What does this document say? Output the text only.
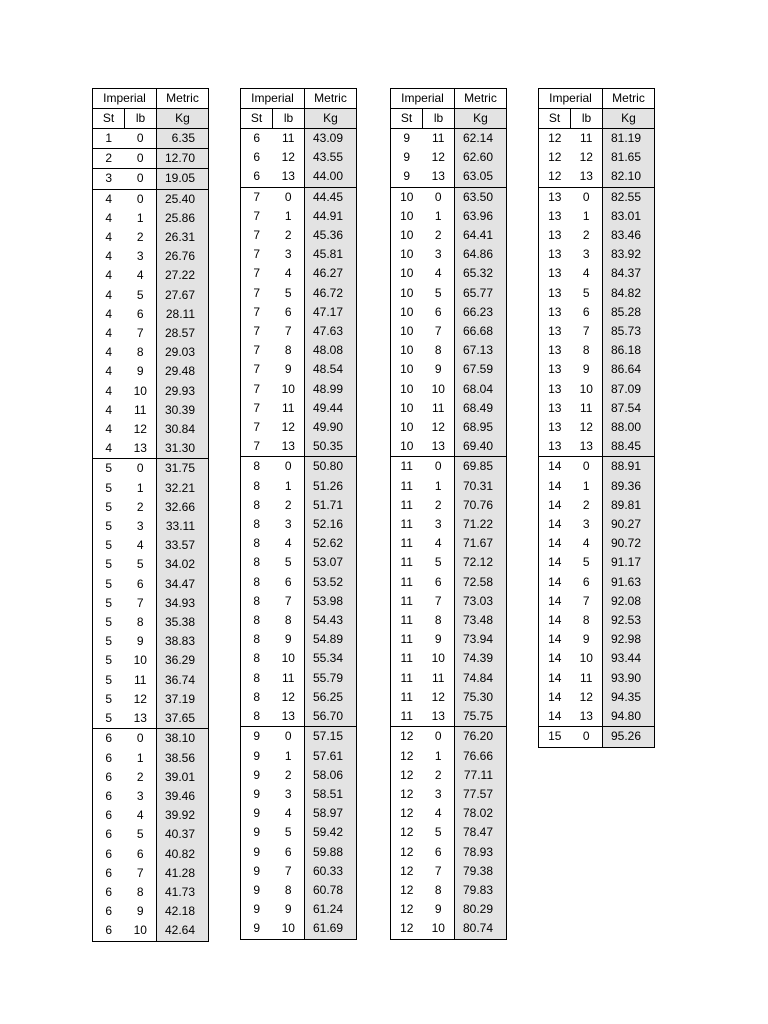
Imperial		Metric
St	lb	Kg
1	0	6.35
2	0	12.70
3	0	19.05
4	0	25.40
4	1	25.86
4	2	26.31
4	3	26.76
4	4	27.22
4	5	27.67
4	6	28.11
4	7	28.57
4	8	29.03
4	9	29.48
4	10	29.93
4	11	30.39
4	12	30.84
4	13	31.30
5	0	31.75
5	1	32.21
5	2	32.66
5	3	33.11
5	4	33.57
5	5	34.02
5	6	34.47
5	7	34.93
5	8	35.38
5	9	38.83
5	10	36.29
5	11	36.74
5	12	37.19
5	13	37.65
6	0	38.10
6	1	38.56
6	2	39.01
6	3	39.46
6	4	39.92
6	5	40.37
6	6	40.82
6	7	41.28
6	8	41.73
6	9	42.18
6	10	42.64
Imperial		Metric
St	lb	Kg
6	11	43.09
6	12	43.55
6	13	44.00
7	0	44.45
7	1	44.91
7	2	45.36
7	3	45.81
7	4	46.27
7	5	46.72
7	6	47.17
7	7	47.63
7	8	48.08
7	9	48.54
7	10	48.99
7	11	49.44
7	12	49.90
7	13	50.35
8	0	50.80
8	1	51.26
8	2	51.71
8	3	52.16
8	4	52.62
8	5	53.07
8	6	53.52
8	7	53.98
8	8	54.43
8	9	54.89
8	10	55.34
8	11	55.79
8	12	56.25
8	13	56.70
9	0	57.15
9	1	57.61
9	2	58.06
9	3	58.51
9	4	58.97
9	5	59.42
9	6	59.88
9	7	60.33
9	8	60.78
9	9	61.24
9	10	61.69
Imperial		Metric
St	lb	Kg
9	11	62.14
9	12	62.60
9	13	63.05
10	0	63.50
10	1	63.96
10	2	64.41
10	3	64.86
10	4	65.32
10	5	65.77
10	6	66.23
10	7	66.68
10	8	67.13
10	9	67.59
10	10	68.04
10	11	68.49
10	12	68.95
10	13	69.40
11	0	69.85
11	1	70.31
11	2	70.76
11	3	71.22
11	4	71.67
11	5	72.12
11	6	72.58
11	7	73.03
11	8	73.48
11	9	73.94
11	10	74.39
11	11	74.84
11	12	75.30
11	13	75.75
12	0	76.20
12	1	76.66
12	2	77.11
12	3	77.57
12	4	78.02
12	5	78.47
12	6	78.93
12	7	79.38
12	8	79.83
12	9	80.29
12	10	80.74
Imperial		Metric
St	lb	Kg
12	11	81.19
12	12	81.65
12	13	82.10
13	0	82.55
13	1	83.01
13	2	83.46
13	3	83.92
13	4	84.37
13	5	84.82
13	6	85.28
13	7	85.73
13	8	86.18
13	9	86.64
13	10	87.09
13	11	87.54
13	12	88.00
13	13	88.45
14	0	88.91
14	1	89.36
14	2	89.81
14	3	90.27
14	4	90.72
14	5	91.17
14	6	91.63
14	7	92.08
14	8	92.53
14	9	92.98
14	10	93.44
14	11	93.90
14	12	94.35
14	13	94.80
15	0	95.26
